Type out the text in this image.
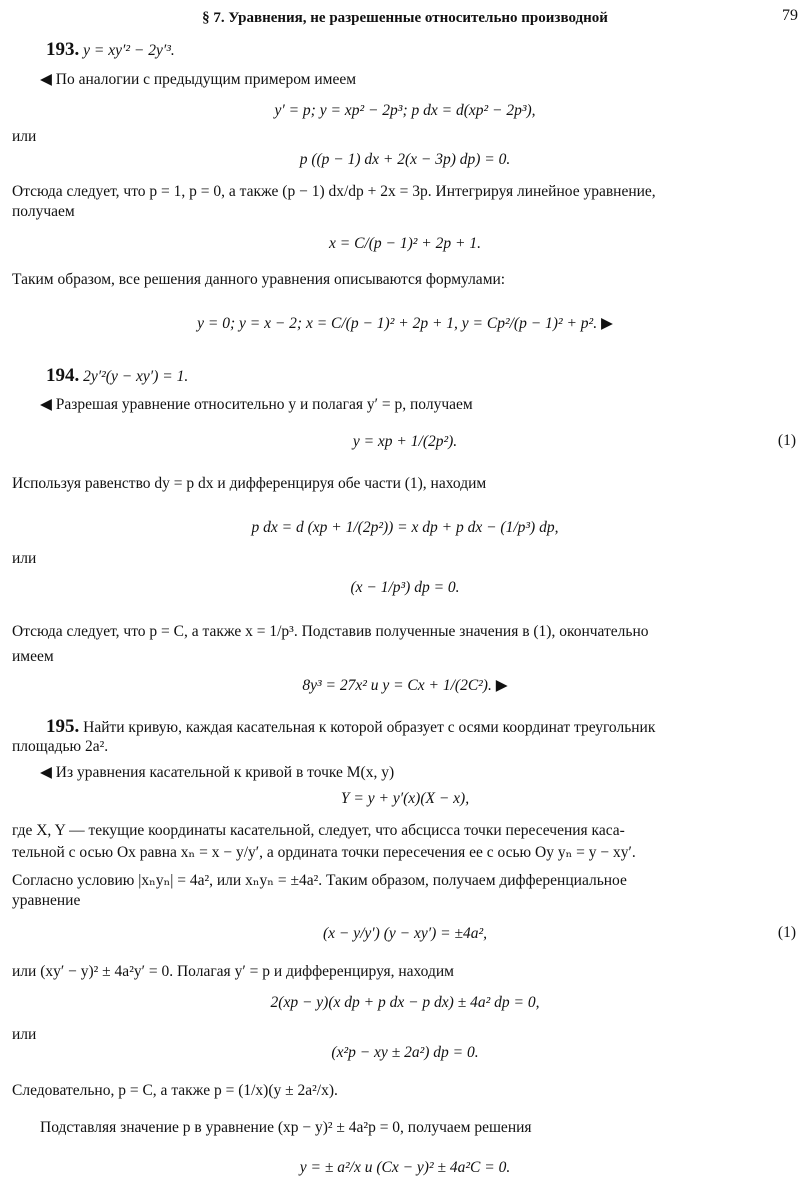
§ 7. Уравнения, не разрешенные относительно производной	79
193. y = xy′² − 2y′³.
◀ По аналогии с предыдущим примером имеем
y′ = p; y = xp² − 2p³; p dx = d(xp² − 2p³),
или
p ((p − 1) dx + 2(x − 3p) dp) = 0.
Отсюда следует, что p = 1, p = 0, а также (p − 1) dx/dp + 2x = 3p. Интегрируя линейное уравнение,
получаем
x = C/(p − 1)² + 2p + 1.
Таким образом, все решения данного уравнения описываются формулами:
y = 0; y = x − 2; x = C/(p − 1)² + 2p + 1, y = Cp²/(p − 1)² + p². ▶
194. 2y′²(y − xy′) = 1.
◀ Разрешая уравнение относительно y и полагая y′ = p, получаем
y = xp + 1/(2p²).	(1)
Используя равенство dy = p dx и дифференцируя обе части (1), находим
p dx = d (xp + 1/(2p²)) = x dp + p dx − (1/p³) dp,
или
(x − 1/p³) dp = 0.
Отсюда следует, что p = C, а также x = 1/p³. Подставив полученные значения в (1), окончательно
имеем
8y³ = 27x² и y = Cx + 1/(2C²). ▶
195. Найти кривую, каждая касательная к которой образует с осями координат треугольник
площадью 2a².
◀ Из уравнения касательной к кривой в точке M(x, y)
Y = y + y′(x)(X − x),
где X, Y — текущие координаты касательной, следует, что абсцисса точки пересечения каса-
тельной с осью Ox равна xₙ = x − y/y′, а ордината точки пересечения ее с осью Oy yₙ = y − xy′.
Согласно условию |xₙyₙ| = 4a², или xₙyₙ = ±4a². Таким образом, получаем дифференциальное
уравнение
(x − y/y′) (y − xy′) = ±4a²,	(1)
или (xy′ − y)² ± 4a²y′ = 0. Полагая y′ = p и дифференцируя, находим
2(xp − y)(x dp + p dx − p dx) ± 4a² dp = 0,
или
(x²p − xy ± 2a²) dp = 0.
Следовательно, p = C, а также p = (1/x)(y ± 2a²/x).
Подставляя значение p в уравнение (xp − y)² ± 4a²p = 0, получаем решения
y = ± a²/x и (Cx − y)² ± 4a²C = 0.
